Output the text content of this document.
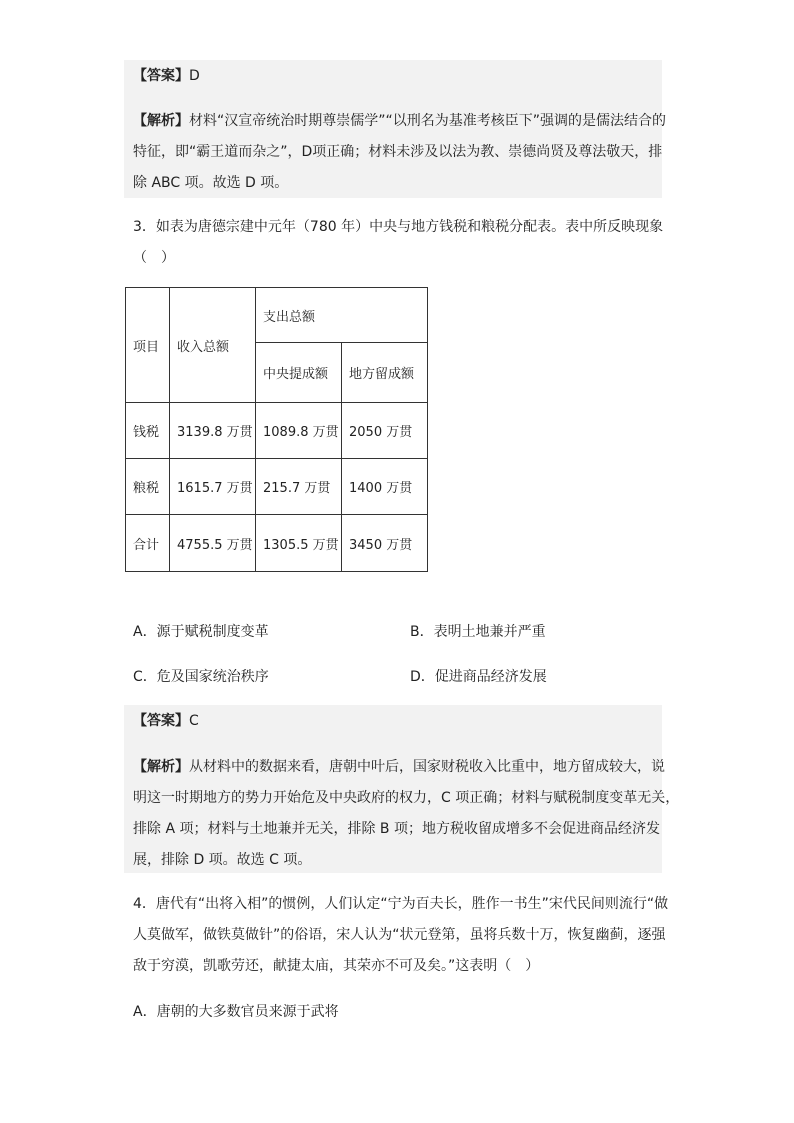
【答案】D
【解析】材料“汉宣帝统治时期尊崇儒学”“以刑名为基准考核臣下”强调的是儒法结合的
特征，即“霸王道而杂之”，D项正确；材料未涉及以法为教、崇德尚贤及尊法敬天，排
除 ABC 项。故选 D 项。
3．如表为唐德宗建中元年（780 年）中央与地方钱税和粮税分配表。表中所反映现象
（　）
项目	收入总额	支出总额	
		中央提成额	地方留成额
钱税	3139.8 万贯	1089.8 万贯	2050 万贯
粮税	1615.7 万贯	215.7 万贯	1400 万贯
合计	4755.5 万贯	1305.5 万贯	3450 万贯
A．源于赋税制度变革	B．表明土地兼并严重
C．危及国家统治秩序	D．促进商品经济发展
【答案】C
【解析】从材料中的数据来看，唐朝中叶后，国家财税收入比重中，地方留成较大，说
明这一时期地方的势力开始危及中央政府的权力，C 项正确；材料与赋税制度变革无关，
排除 A 项；材料与土地兼并无关，排除 B 项；地方税收留成增多不会促进商品经济发
展，排除 D 项。故选 C 项。
4．唐代有“出将入相”的惯例，人们认定“宁为百夫长，胜作一书生”宋代民间则流行“做
人莫做军，做铁莫做针”的俗语，宋人认为“状元登第，虽将兵数十万，恢复幽蓟，逐强
敌于穷漠，凯歌劳还，献捷太庙，其荣亦不可及矣。”这表明（　）
A．唐朝的大多数官员来源于武将
